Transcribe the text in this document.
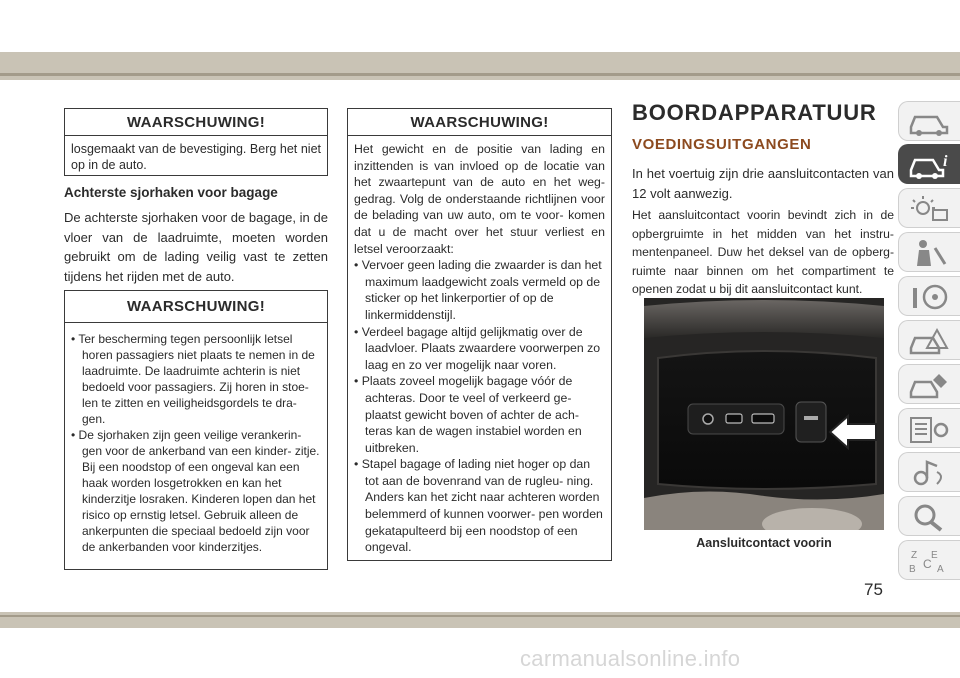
WAARSCHUWING!
losgemaakt van de bevestiging. Berg het niet op in de auto.
Achterste sjorhaken voor bagage
De achterste sjorhaken voor de bagage, in de vloer van de laadruimte, moeten worden gebruikt om de lading veilig vast te zetten tijdens het rijden met de auto.
WAARSCHUWING!
• Ter bescherming tegen persoonlijk letsel horen passagiers niet plaats te nemen in de laadruimte. De laadruimte achterin is niet bedoeld voor passagiers. Zij horen in stoe- len te zitten en veiligheidsgordels te dra- gen.
• De sjorhaken zijn geen veilige verankerin- gen voor de ankerband van een kinder- zitje. Bij een noodstop of een ongeval kan een haak worden losgetrokken en kan het kinderzitje losraken. Kinderen lopen dan het risico op ernstig letsel. Gebruik alleen de ankerpunten die speciaal bedoeld zijn voor de ankerbanden voor kinderzitjes.
WAARSCHUWING!
Het gewicht en de positie van lading en inzittenden is van invloed op de locatie van het zwaartepunt van de auto en het weg- gedrag. Volg de onderstaande richtlijnen voor de belading van uw auto, om te voor- komen dat u de macht over het stuur verliest en letsel veroorzaakt:
• Vervoer geen lading die zwaarder is dan het maximum laadgewicht zoals vermeld op de sticker op het linkerportier of op de linkermiddenstijl.
• Verdeel bagage altijd gelijkmatig over de laadvloer. Plaats zwaardere voorwerpen zo laag en zo ver mogelijk naar voren.
• Plaats zoveel mogelijk bagage vóór de achteras. Door te veel of verkeerd ge- plaatst gewicht boven of achter de ach- teras kan de wagen instabiel worden en uitbreken.
• Stapel bagage of lading niet hoger op dan tot aan de bovenrand van de rugleu- ning. Anders kan het zicht naar achteren worden belemmerd of kunnen voorwer- pen worden gekatapulteerd bij een noodstop of een ongeval.
BOORDAPPARATUUR
VOEDINGSUITGANGEN
In het voertuig zijn drie aansluitcontacten van 12 volt aanwezig.
Het aansluitcontact voorin bevindt zich in de opbergruimte in het midden van het instru- mentenpaneel. Duw het deksel van de opberg- ruimte naar binnen om het compartiment te openen zodat u bij dit aansluitcontact kunt.
Aansluitcontact voorin
i
Z E
B C A
75
carmanualsonline.info
